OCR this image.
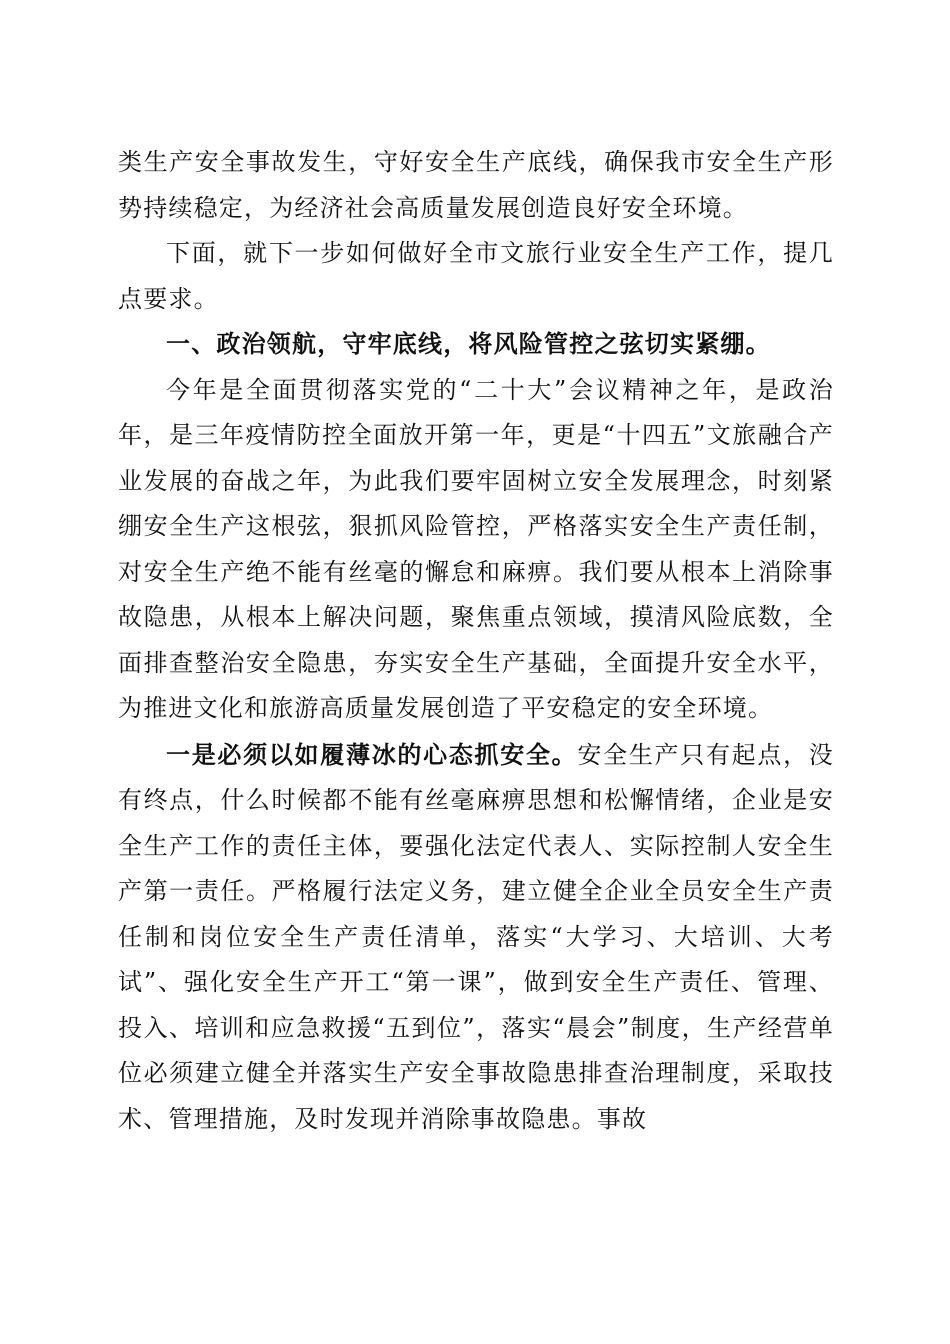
类生产安全事故发生，守好安全生产底线，确保我市安全生产形势持续稳定，为经济社会高质量发展创造良好安全环境。

下面，就下一步如何做好全市文旅行业安全生产工作，提几点要求。

一、政治领航，守牢底线，将风险管控之弦切实紧绷。

今年是全面贯彻落实党的“二十大”会议精神之年，是政治年，是三年疫情防控全面放开第一年，更是“十四五”文旅融合产业发展的奋战之年，为此我们要牢固树立安全发展理念，时刻紧绷安全生产这根弦，狠抓风险管控，严格落实安全生产责任制，对安全生产绝不能有丝毫的懈怠和麻痹。我们要从根本上消除事故隐患，从根本上解决问题，聚焦重点领域，摸清风险底数，全面排查整治安全隐患，夯实安全生产基础，全面提升安全水平，为推进文化和旅游高质量发展创造了平安稳定的安全环境。

一是必须以如履薄冰的心态抓安全。安全生产只有起点，没有终点，什么时候都不能有丝毫麻痹思想和松懈情绪，企业是安全生产工作的责任主体，要强化法定代表人、实际控制人安全生产第一责任。严格履行法定义务，建立健全企业全员安全生产责任制和岗位安全生产责任清单，落实“大学习、大培训、大考试”、强化安全生产开工“第一课”，做到安全生产责任、管理、投入、培训和应急救援“五到位”，落实“晨会”制度，生产经营单位必须建立健全并落实生产安全事故隐患排查治理制度，采取技术、管理措施，及时发现并消除事故隐患。事故
